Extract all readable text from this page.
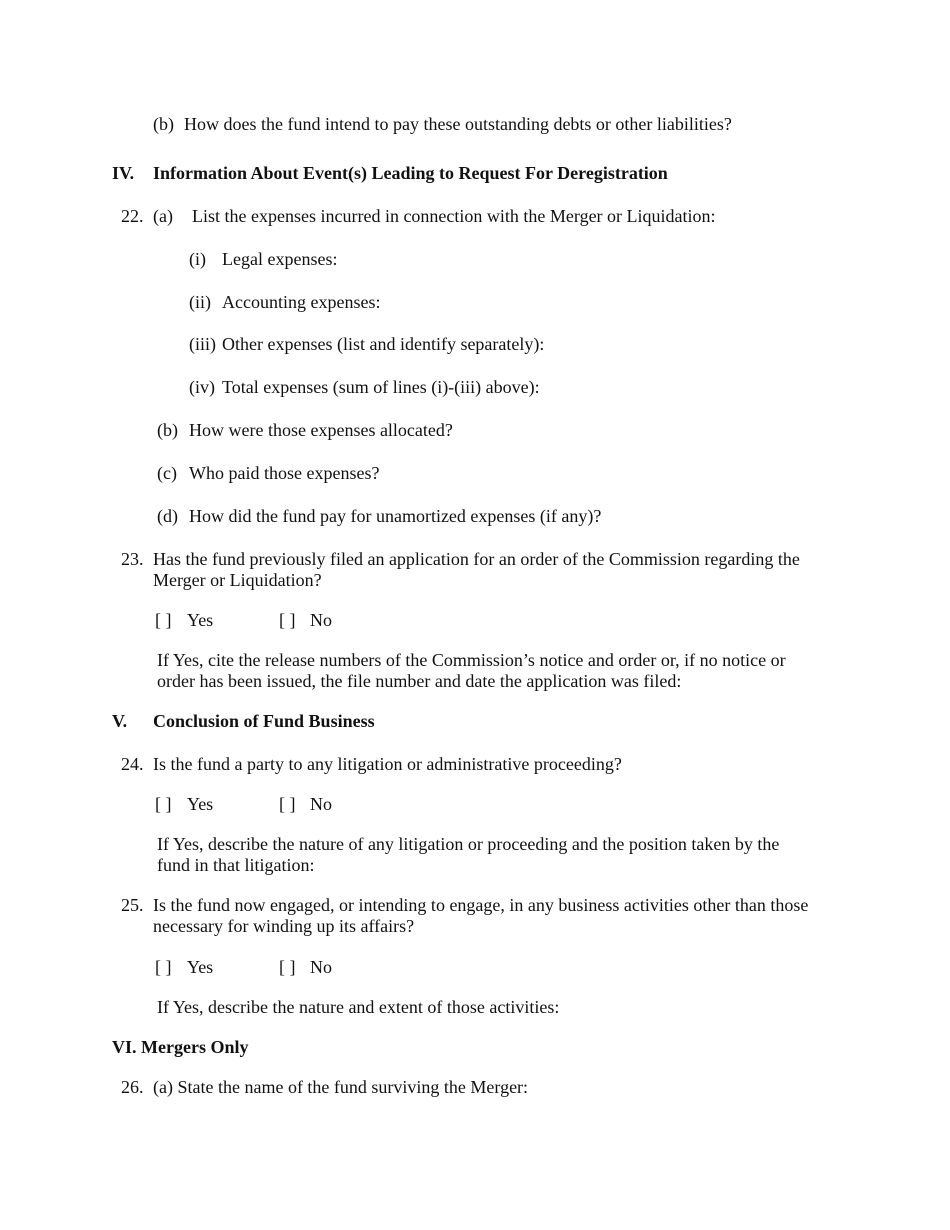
(b) How does the fund intend to pay these outstanding debts or other liabilities?
IV. Information About Event(s) Leading to Request For Deregistration
22. (a) List the expenses incurred in connection with the Merger or Liquidation:
(i) Legal expenses:
(ii) Accounting expenses:
(iii) Other expenses (list and identify separately):
(iv) Total expenses (sum of lines (i)-(iii) above):
(b) How were those expenses allocated?
(c) Who paid those expenses?
(d) How did the fund pay for unamortized expenses (if any)?
23. Has the fund previously filed an application for an order of the Commission regarding the
Merger or Liquidation?
[ ] Yes	[ ] No
If Yes, cite the release numbers of the Commission’s notice and order or, if no notice or
order has been issued, the file number and date the application was filed:
V. Conclusion of Fund Business
24. Is the fund a party to any litigation or administrative proceeding?
[ ] Yes	[ ] No
If Yes, describe the nature of any litigation or proceeding and the position taken by the
fund in that litigation:
25. Is the fund now engaged, or intending to engage, in any business activities other than those
necessary for winding up its affairs?
[ ] Yes	[ ] No
If Yes, describe the nature and extent of those activities:
VI. Mergers Only
26. (a) State the name of the fund surviving the Merger:
